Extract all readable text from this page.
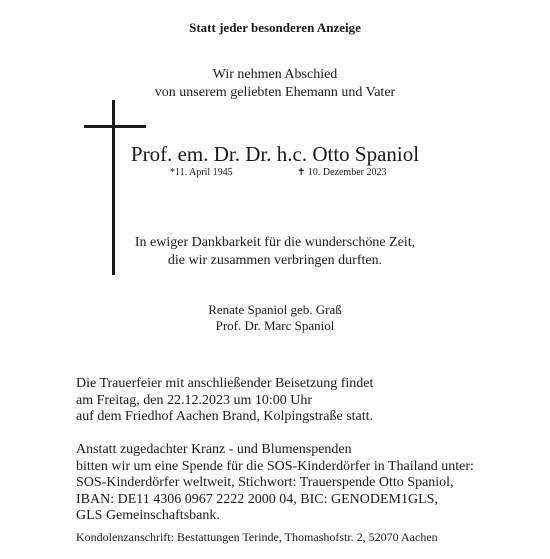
Statt jeder besonderen Anzeige
Wir nehmen Abschied
von unserem geliebten Ehemann und Vater
Prof. em. Dr. Dr. h.c. Otto Spaniol
*11. April 1945	✝ 10. Dezember 2023
In ewiger Dankbarkeit für die wunderschöne Zeit,
die wir zusammen verbringen durften.
Renate Spaniol geb. Graß
Prof. Dr. Marc Spaniol
Die Trauerfeier mit anschließender Beisetzung findet
am Freitag, den 22.12.2023 um 10:00 Uhr
auf dem Friedhof Aachen Brand, Kolpingstraße statt.
Anstatt zugedachter Kranz - und Blumenspenden
bitten wir um eine Spende für die SOS-Kinderdörfer in Thailand unter:
SOS-Kinderdörfer weltweit, Stichwort: Trauerspende Otto Spaniol,
IBAN: DE11 4306 0967 2222 2000 04, BIC: GENODEM1GLS,
GLS Gemeinschaftsbank.
Kondolenzanschrift: Bestattungen Terinde, Thomashofstr. 2, 52070 Aachen
